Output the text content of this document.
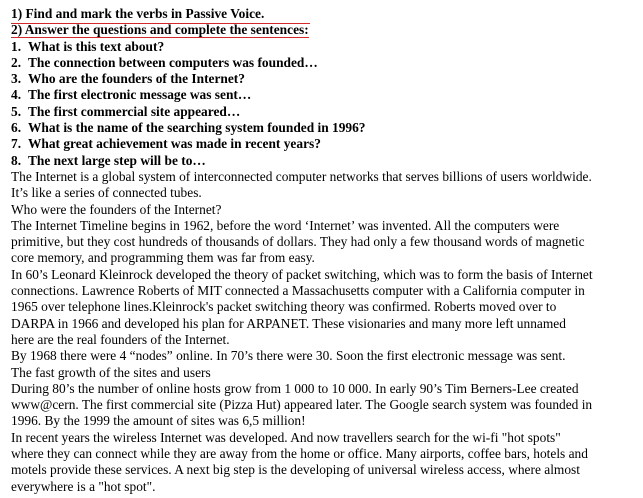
1) Find and mark the verbs in Passive Voice.
2) Answer the questions and complete the sentences:
1. What is this text about?
2. The connection between computers was founded…
3. Who are the founders of the Internet?
4. The first electronic message was sent…
5. The first commercial site appeared…
6. What is the name of the searching system founded in 1996?
7. What great achievement was made in recent years?
8. The next large step will be to…
The Internet is a global system of interconnected computer networks that serves billions of users worldwide.
It’s like a series of connected tubes.
Who were the founders of the Internet?
The Internet Timeline begins in 1962, before the word ‘Internet’ was invented. All the computers were
primitive, but they cost hundreds of thousands of dollars. They had only a few thousand words of magnetic
core memory, and programming them was far from easy.
In 60’s Leonard Kleinrock developed the theory of packet switching, which was to form the basis of Internet
connections. Lawrence Roberts of MIT connected a Massachusetts computer with a California computer in
1965 over telephone lines.Kleinrock's packet switching theory was confirmed. Roberts moved over to
DARPA in 1966 and developed his plan for ARPANET. These visionaries and many more left unnamed
here are the real founders of the Internet.
By 1968 there were 4 “nodes” online. In 70’s there were 30. Soon the first electronic message was sent.
The fast growth of the sites and users
During 80’s the number of online hosts grow from 1 000 to 10 000. In early 90’s Tim Berners-Lee created
www@cern. The first commercial site (Pizza Hut) appeared later. The Google search system was founded in
1996. By the 1999 the amount of sites was 6,5 million!
In recent years the wireless Internet was developed. And now travellers search for the wi-fi "hot spots"
where they can connect while they are away from the home or office. Many airports, coffee bars, hotels and
motels provide these services. A next big step is the developing of universal wireless access, where almost
everywhere is a "hot spot".
